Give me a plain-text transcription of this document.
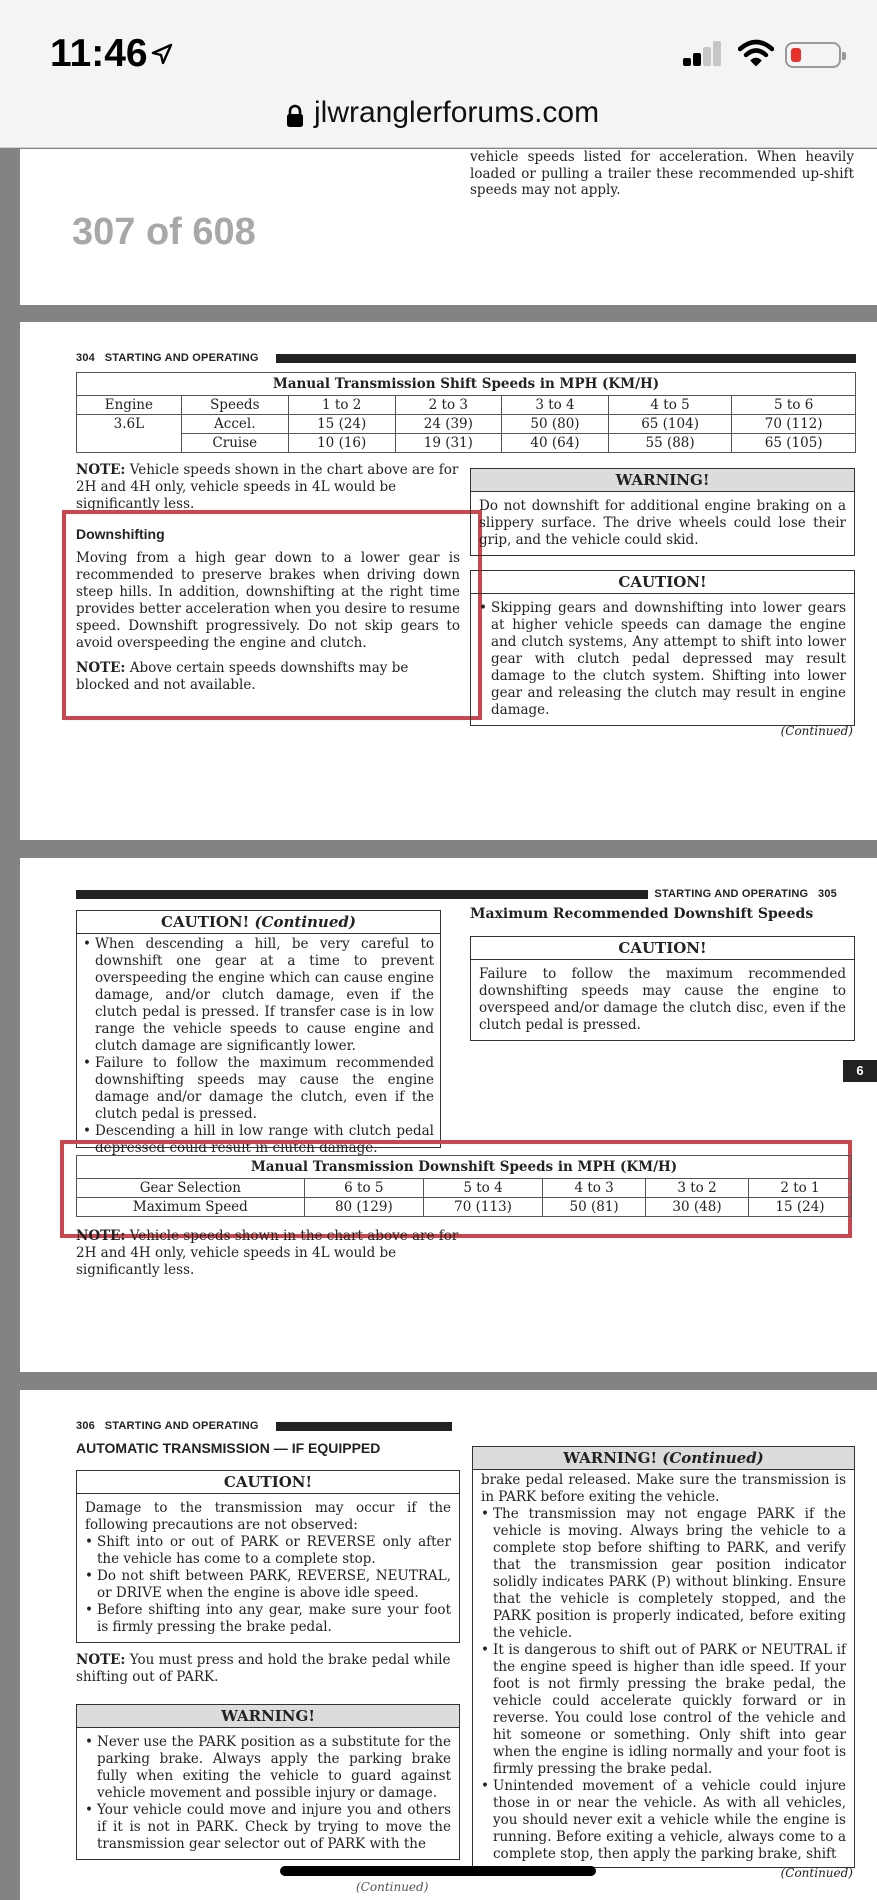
11:46
jlwranglerforums.com
vehicle speeds listed for acceleration. When heavily loaded or pulling a trailer these recommended up-shift speeds may not apply.
307 of 608
304 STARTING AND OPERATING
Manual Transmission Shift Speeds in MPH (KM/H)						
Engine	Speeds	1 to 2	2 to 3	3 to 4	4 to 5	5 to 6
3.6L	Accel.	15 (24)	24 (39)	50 (80)	65 (104)	70 (112)
	Cruise	10 (16)	19 (31)	40 (64)	55 (88)	65 (105)
NOTE: Vehicle speeds shown in the chart above are for 2H and 4H only, vehicle speeds in 4L would be significantly less.
Downshifting
Moving from a high gear down to a lower gear is recommended to preserve brakes when driving down steep hills. In addition, downshifting at the right time provides better acceleration when you desire to resume speed. Downshift progressively. Do not skip gears to avoid overspeeding the engine and clutch.
NOTE: Above certain speeds downshifts may be blocked and not available.
WARNING!
Do not downshift for additional engine braking on a slippery surface. The drive wheels could lose their grip, and the vehicle could skid.
CAUTION!
• Skipping gears and downshifting into lower gears at higher vehicle speeds can damage the engine and clutch systems, Any attempt to shift into lower gear with clutch pedal depressed may result damage to the clutch system. Shifting into lower gear and releasing the clutch may result in engine damage.
(Continued)
STARTING AND OPERATING 305
CAUTION! (Continued)
• When descending a hill, be very careful to downshift one gear at a time to prevent overspeeding the engine which can cause engine damage, and/or clutch damage, even if the clutch pedal is pressed. If transfer case is in low range the vehicle speeds to cause engine and clutch damage are significantly lower.
• Failure to follow the maximum recommended downshifting speeds may cause the engine damage and/or damage the clutch, even if the clutch pedal is pressed.
• Descending a hill in low range with clutch pedal depressed could result in clutch damage.
Maximum Recommended Downshift Speeds
CAUTION!
Failure to follow the maximum recommended downshifting speeds may cause the engine to overspeed and/or damage the clutch disc, even if the clutch pedal is pressed.
6
Manual Transmission Downshift Speeds in MPH (KM/H)					
Gear Selection	6 to 5	5 to 4	4 to 3	3 to 2	2 to 1
Maximum Speed	80 (129)	70 (113)	50 (81)	30 (48)	15 (24)
NOTE: Vehicle speeds shown in the chart above are for 2H and 4H only, vehicle speeds in 4L would be significantly less.
306 STARTING AND OPERATING
AUTOMATIC TRANSMISSION — IF EQUIPPED
CAUTION!
Damage to the transmission may occur if the following precautions are not observed:
• Shift into or out of PARK or REVERSE only after the vehicle has come to a complete stop.
• Do not shift between PARK, REVERSE, NEUTRAL, or DRIVE when the engine is above idle speed.
• Before shifting into any gear, make sure your foot is firmly pressing the brake pedal.
NOTE: You must press and hold the brake pedal while shifting out of PARK.
WARNING!
• Never use the PARK position as a substitute for the parking brake. Always apply the parking brake fully when exiting the vehicle to guard against vehicle movement and possible injury or damage.
• Your vehicle could move and injure you and others if it is not in PARK. Check by trying to move the transmission gear selector out of PARK with the
WARNING! (Continued)
brake pedal released. Make sure the transmission is in PARK before exiting the vehicle.
• The transmission may not engage PARK if the vehicle is moving. Always bring the vehicle to a complete stop before shifting to PARK, and verify that the transmission gear position indicator solidly indicates PARK (P) without blinking. Ensure that the vehicle is completely stopped, and the PARK position is properly indicated, before exiting the vehicle.
• It is dangerous to shift out of PARK or NEUTRAL if the engine speed is higher than idle speed. If your foot is not firmly pressing the brake pedal, the vehicle could accelerate quickly forward or in reverse. You could lose control of the vehicle and hit someone or something. Only shift into gear when the engine is idling normally and your foot is firmly pressing the brake pedal.
• Unintended movement of a vehicle could injure those in or near the vehicle. As with all vehicles, you should never exit a vehicle while the engine is running. Before exiting a vehicle, always come to a complete stop, then apply the parking brake, shift
(Continued)
(Continued)
